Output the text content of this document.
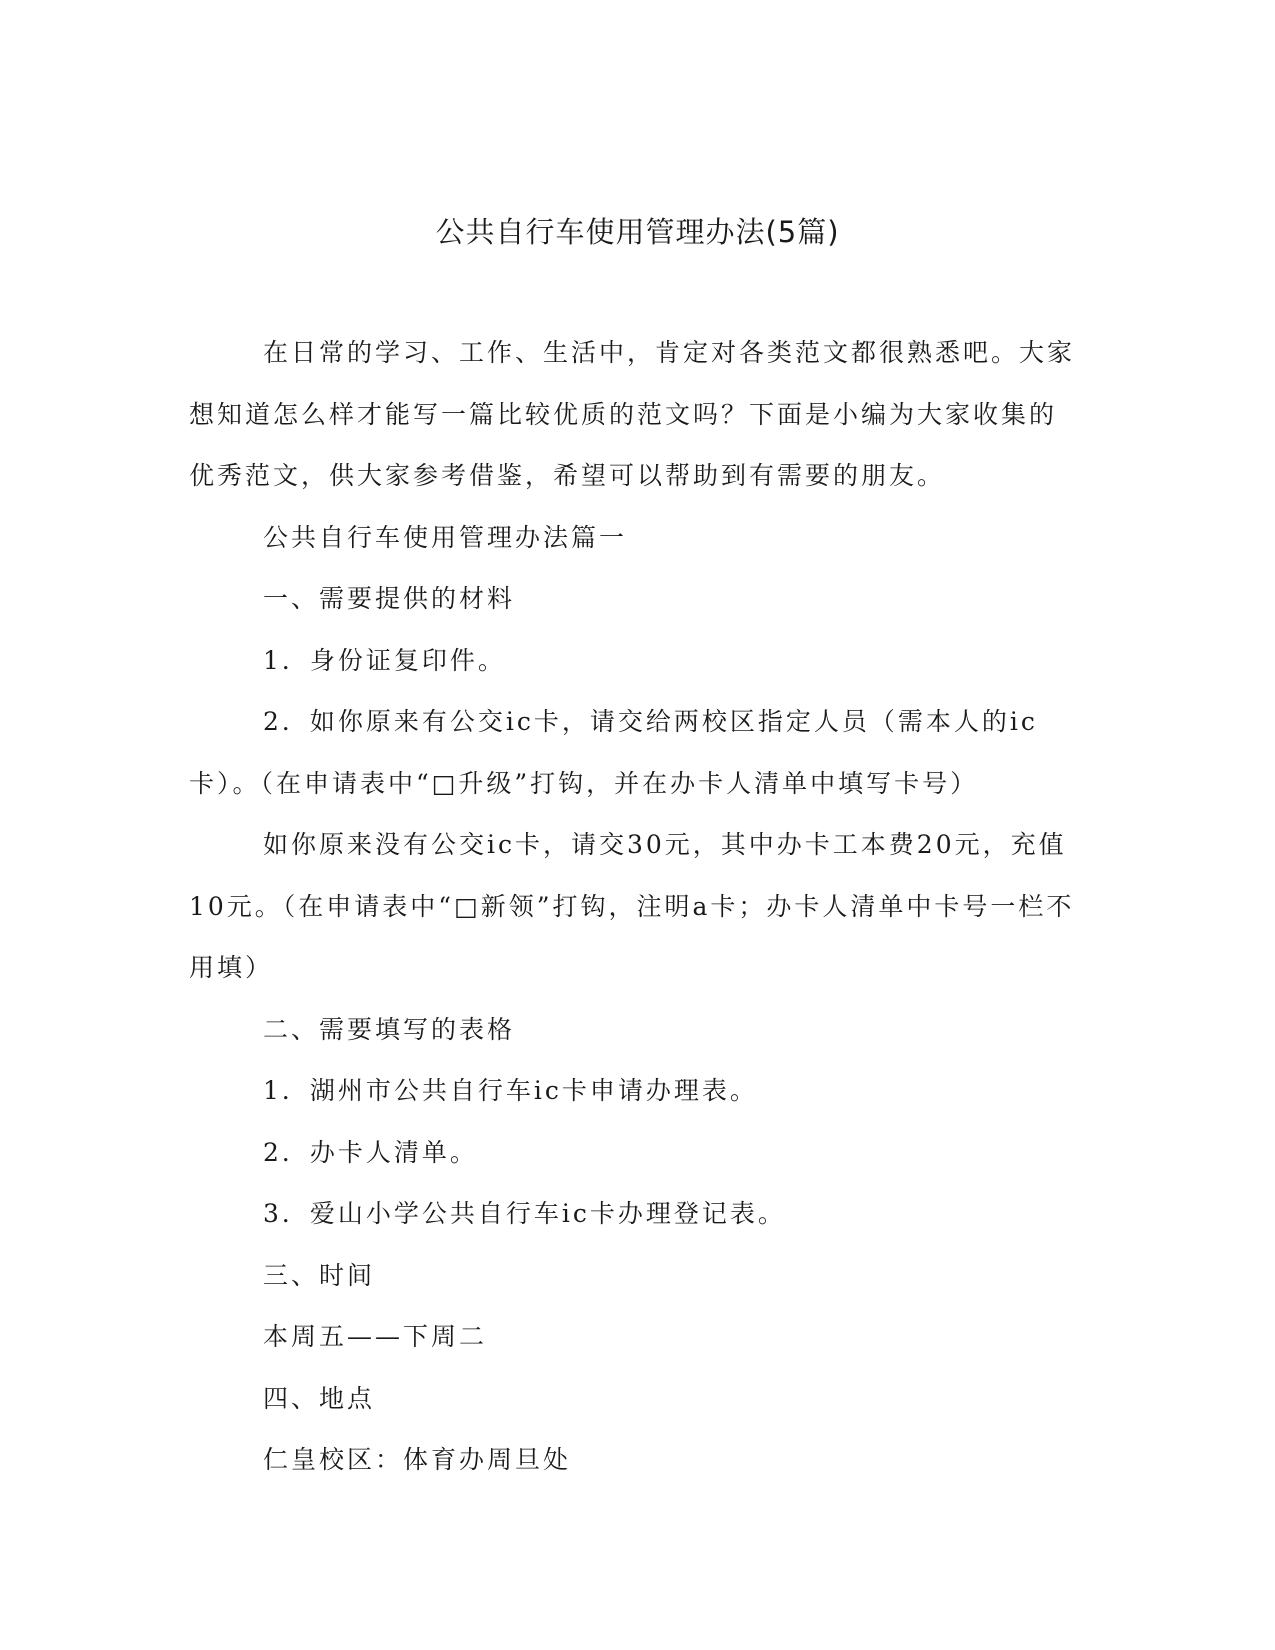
公共自行车使用管理办法(5篇)

在日常的学习、工作、生活中，肯定对各类范文都很熟悉吧。大家想知道怎么样才能写一篇比较优质的范文吗？下面是小编为大家收集的优秀范文，供大家参考借鉴，希望可以帮助到有需要的朋友。

公共自行车使用管理办法篇一

一、需要提供的材料

1．身份证复印件。

2．如你原来有公交ic卡，请交给两校区指定人员（需本人的ic卡）。（在申请表中“□升级”打钩，并在办卡人清单中填写卡号）

如你原来没有公交ic卡，请交30元，其中办卡工本费20元，充值10元。（在申请表中“□新领”打钩，注明a卡；办卡人清单中卡号一栏不用填）

二、需要填写的表格

1．湖州市公共自行车ic卡申请办理表。

2．办卡人清单。

3．爱山小学公共自行车ic卡办理登记表。

三、时间

本周五——下周二

四、地点

仁皇校区：体育办周旦处
